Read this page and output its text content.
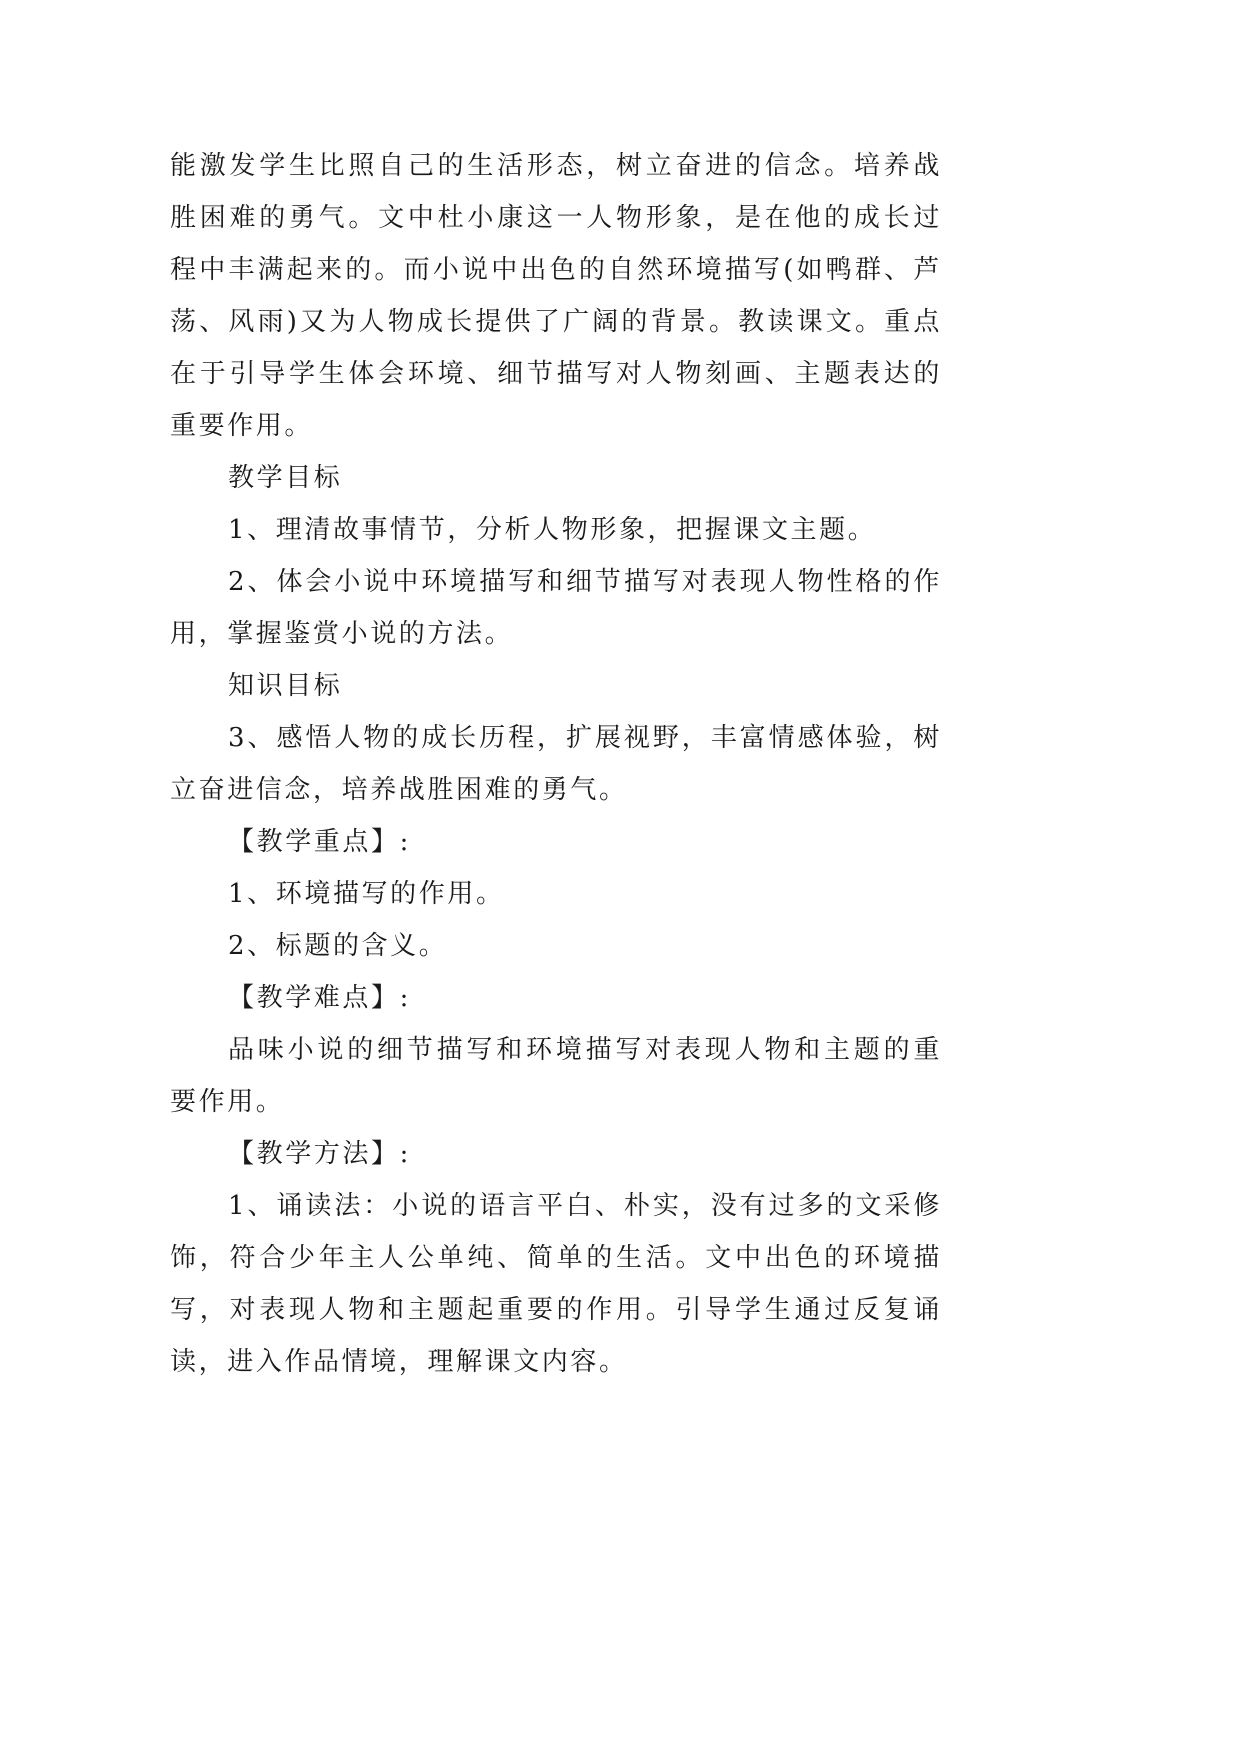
能激发学生比照自己的生活形态，树立奋进的信念。培养战胜困难的勇气。文中杜小康这一人物形象，是在他的成长过程中丰满起来的。而小说中出色的自然环境描写(如鸭群、芦荡、风雨)又为人物成长提供了广阔的背景。教读课文。重点在于引导学生体会环境、细节描写对人物刻画、主题表达的重要作用。

教学目标

1、理清故事情节，分析人物形象，把握课文主题。

2、体会小说中环境描写和细节描写对表现人物性格的作用，掌握鉴赏小说的方法。

知识目标

3、感悟人物的成长历程，扩展视野，丰富情感体验，树立奋进信念，培养战胜困难的勇气。

【教学重点】:

1、环境描写的作用。

2、标题的含义。

【教学难点】:

品味小说的细节描写和环境描写对表现人物和主题的重要作用。

【教学方法】:

1、诵读法：小说的语言平白、朴实，没有过多的文采修饰，符合少年主人公单纯、简单的生活。文中出色的环境描写，对表现人物和主题起重要的作用。引导学生通过反复诵读，进入作品情境，理解课文内容。
